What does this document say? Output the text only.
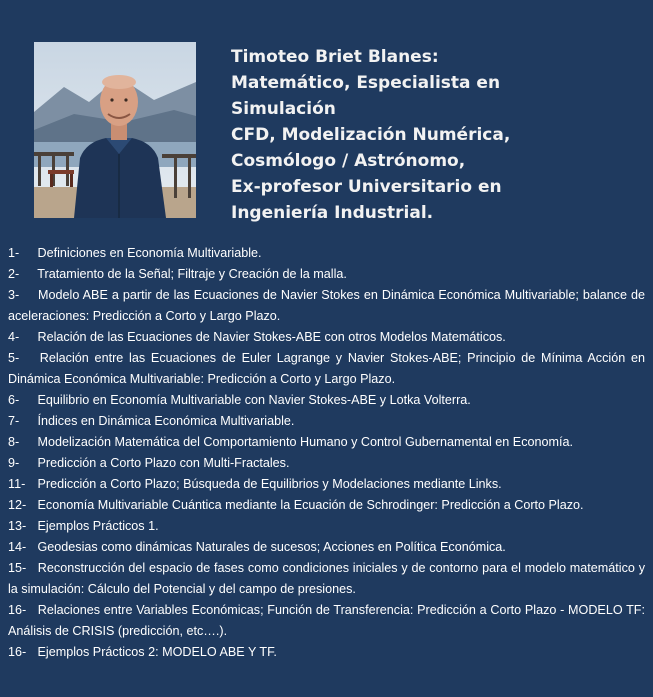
Timoteo Briet Blanes:
Matemático, Especialista en
Simulación
CFD, Modelización Numérica,
Cosmólogo / Astrónomo,
Ex-profesor Universitario en
Ingeniería Industrial.
1- Definiciones en Economía Multivariable.
2- Tratamiento de la Señal; Filtraje y Creación de la malla.
3- Modelo ABE a partir de las Ecuaciones de Navier Stokes en Dinámica Económica Multivariable; balance de aceleraciones: Predicción a Corto y Largo Plazo.
4- Relación de las Ecuaciones de Navier Stokes-ABE con otros Modelos Matemáticos.
5- Relación entre las Ecuaciones de Euler Lagrange y Navier Stokes-ABE; Principio de Mínima Acción en Dinámica Económica Multivariable: Predicción a Corto y Largo Plazo.
6- Equilibrio en Economía Multivariable con Navier Stokes-ABE y Lotka Volterra.
7- Índices en Dinámica Económica Multivariable.
8- Modelización Matemática del Comportamiento Humano y Control Gubernamental en Economía.
9- Predicción a Corto Plazo con Multi-Fractales.
11- Predicción a Corto Plazo; Búsqueda de Equilibrios y Modelaciones mediante Links.
12- Economía Multivariable Cuántica mediante la Ecuación de Schrodinger: Predicción a Corto Plazo.
13- Ejemplos Prácticos 1.
14- Geodesias como dinámicas Naturales de sucesos; Acciones en Política Económica.
15- Reconstrucción del espacio de fases como condiciones iniciales y de contorno para el modelo matemático y la simulación: Cálculo del Potencial y del campo de presiones.
16- Relaciones entre Variables Económicas; Función de Transferencia: Predicción a Corto Plazo - MODELO TF: Análisis de CRISIS (predicción, etc….).
16- Ejemplos Prácticos 2: MODELO ABE Y TF.
